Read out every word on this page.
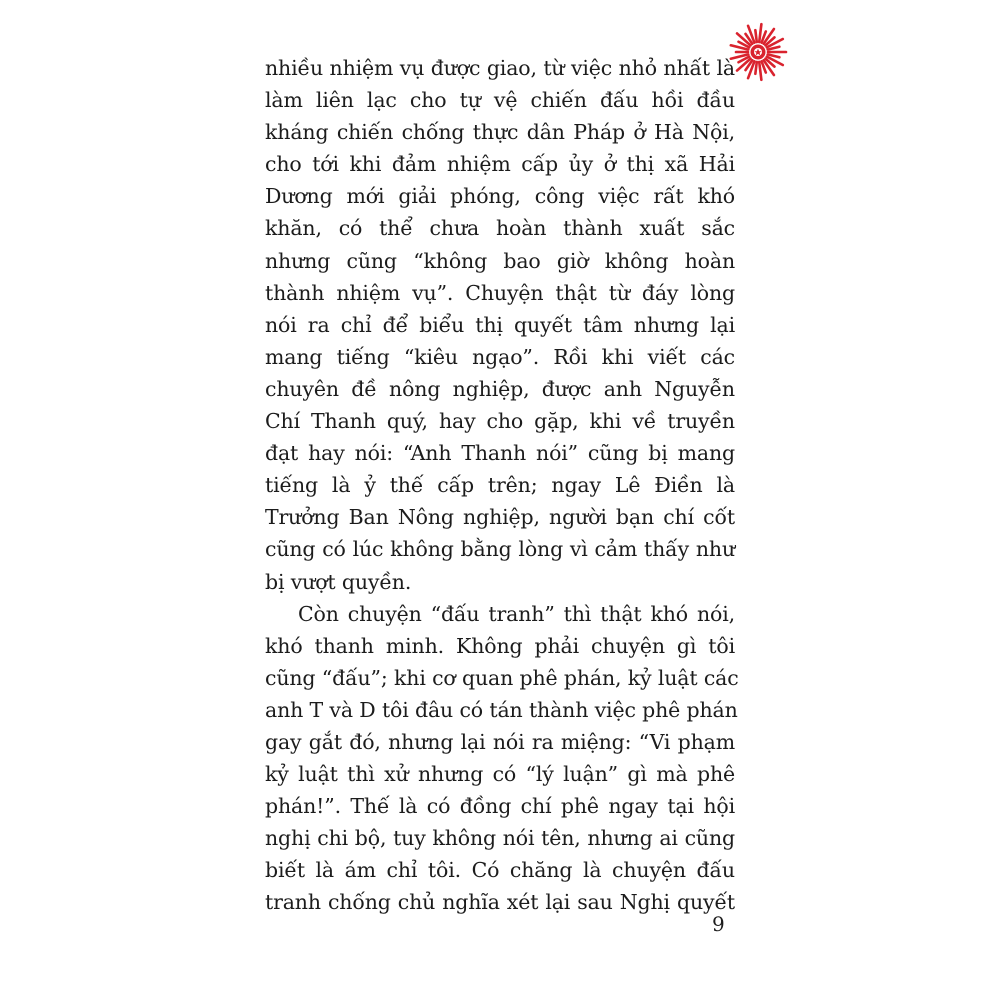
nhiều nhiệm vụ được giao, từ việc nhỏ nhất là
làm liên lạc cho tự vệ chiến đấu hồi đầu
kháng chiến chống thực dân Pháp ở Hà Nội,
cho tới khi đảm nhiệm cấp ủy ở thị xã Hải
Dương mới giải phóng, công việc rất khó
khăn, có thể chưa hoàn thành xuất sắc
nhưng cũng “không bao giờ không hoàn
thành nhiệm vụ”. Chuyện thật từ đáy lòng
nói ra chỉ để biểu thị quyết tâm nhưng lại
mang tiếng “kiêu ngạo”. Rồi khi viết các
chuyên đề nông nghiệp, được anh Nguyễn
Chí Thanh quý, hay cho gặp, khi về truyền
đạt hay nói: “Anh Thanh nói” cũng bị mang
tiếng là ỷ thế cấp trên; ngay Lê Điền là
Trưởng Ban Nông nghiệp, người bạn chí cốt
cũng có lúc không bằng lòng vì cảm thấy như
bị vượt quyền.
Còn chuyện “đấu tranh” thì thật khó nói,
khó thanh minh. Không phải chuyện gì tôi
cũng “đấu”; khi cơ quan phê phán, kỷ luật các
anh T và D tôi đâu có tán thành việc phê phán
gay gắt đó, nhưng lại nói ra miệng: “Vi phạm
kỷ luật thì xử nhưng có “lý luận” gì mà phê
phán!”. Thế là có đồng chí phê ngay tại hội
nghị chi bộ, tuy không nói tên, nhưng ai cũng
biết là ám chỉ tôi. Có chăng là chuyện đấu
tranh chống chủ nghĩa xét lại sau Nghị quyết
9
